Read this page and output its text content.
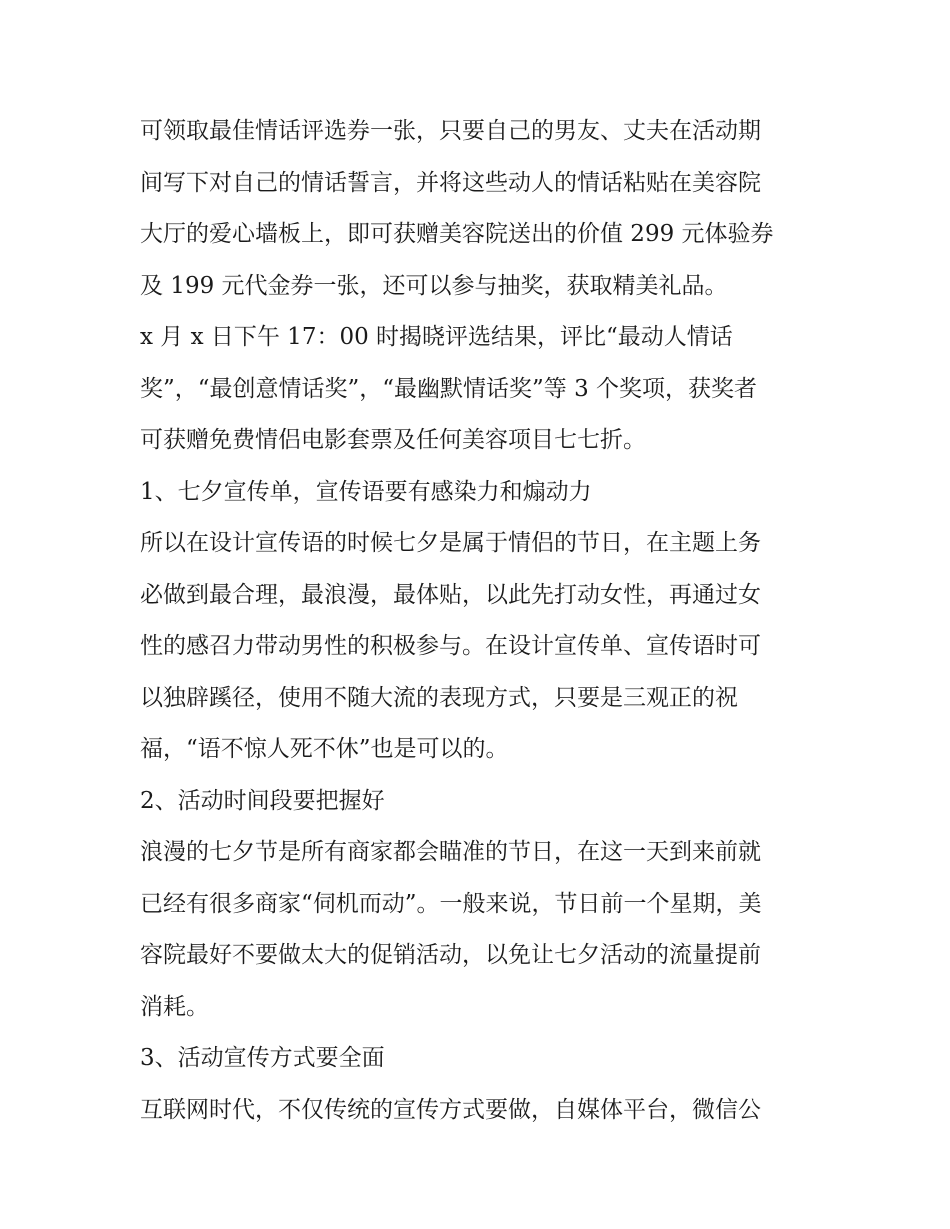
可领取最佳情话评选券一张，只要自己的男友、丈夫在活动期
间写下对自己的情话誓言，并将这些动人的情话粘贴在美容院
大厅的爱心墙板上，即可获赠美容院送出的价值 299 元体验券
及 199 元代金券一张，还可以参与抽奖，获取精美礼品。
x 月 x 日下午 17：00 时揭晓评选结果，评比“最动人情话
奖”，“最创意情话奖”，“最幽默情话奖”等 3 个奖项，获奖者
可获赠免费情侣电影套票及任何美容项目七七折。
1、七夕宣传单，宣传语要有感染力和煽动力
所以在设计宣传语的时候七夕是属于情侣的节日，在主题上务
必做到最合理，最浪漫，最体贴，以此先打动女性，再通过女
性的感召力带动男性的积极参与。在设计宣传单、宣传语时可
以独辟蹊径，使用不随大流的表现方式，只要是三观正的祝
福，“语不惊人死不休”也是可以的。
2、活动时间段要把握好
浪漫的七夕节是所有商家都会瞄准的节日，在这一天到来前就
已经有很多商家“伺机而动”。一般来说，节日前一个星期，美
容院最好不要做太大的促销活动，以免让七夕活动的流量提前
消耗。
3、活动宣传方式要全面
互联网时代，不仅传统的宣传方式要做，自媒体平台，微信公
